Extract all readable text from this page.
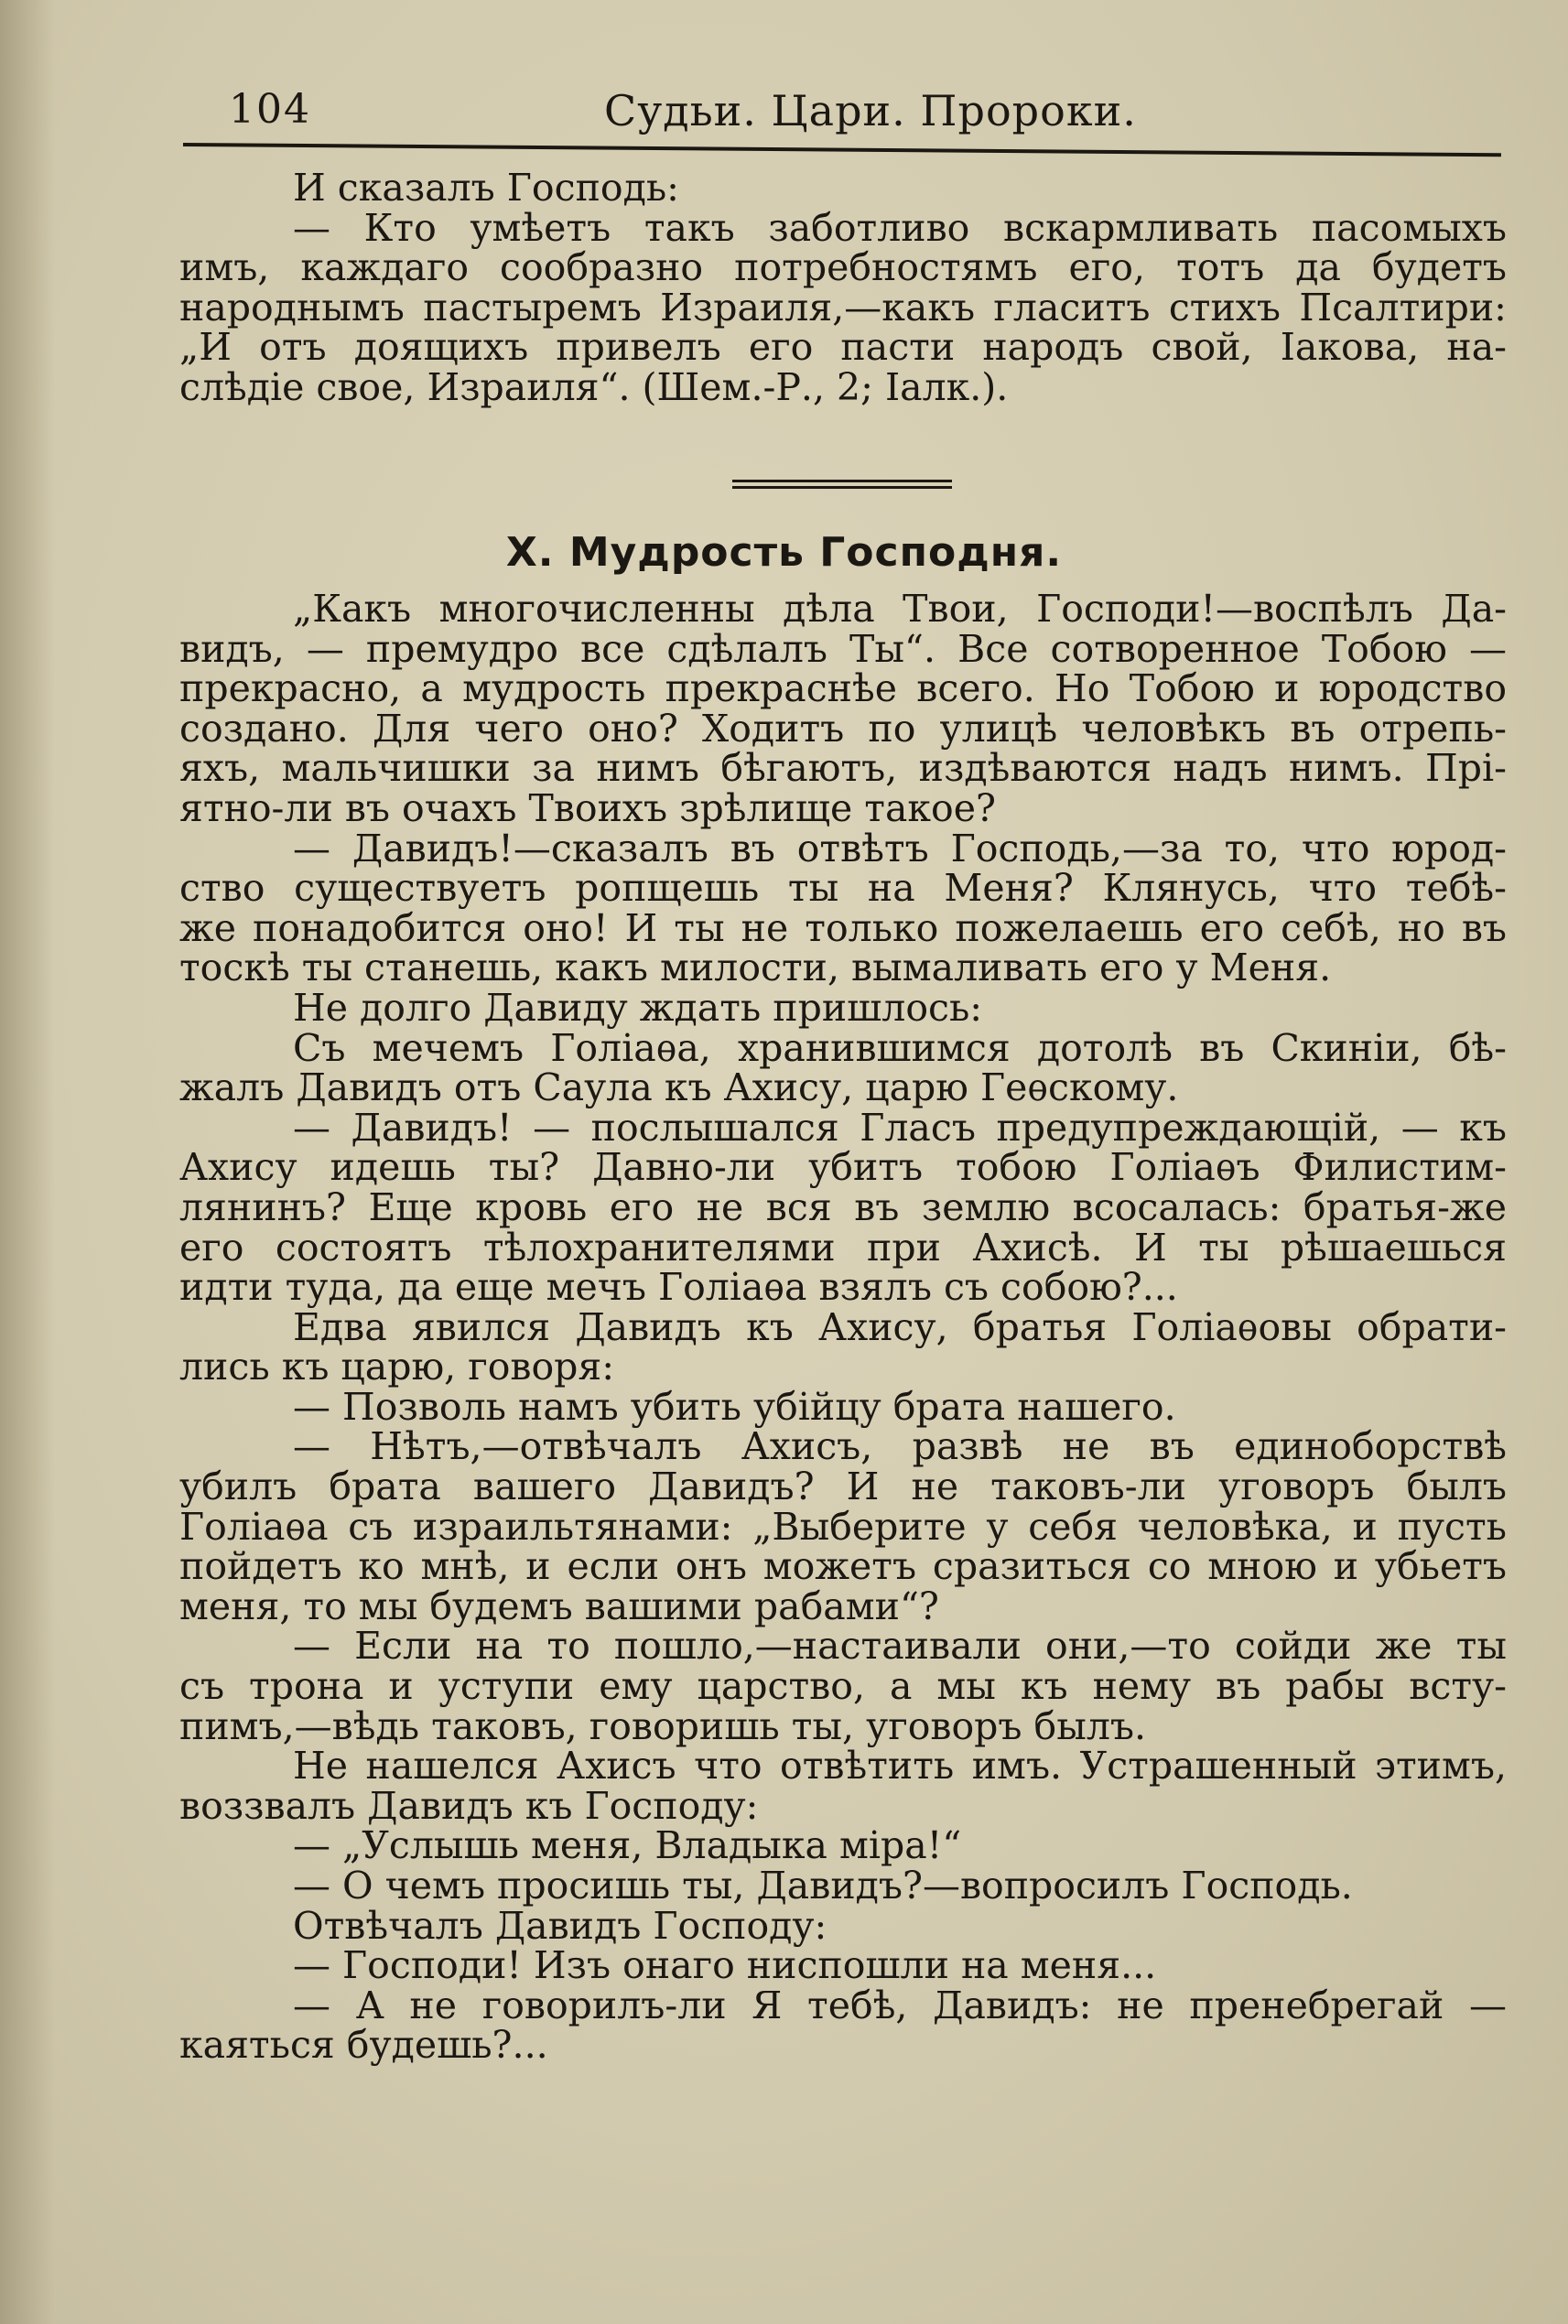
104	Судьи. Цари. Пророки.
И сказалъ Господь:
— Кто умѣетъ такъ заботливо вскармливать пасомыхъ
имъ, каждаго сообразно потребностямъ его, тотъ да будетъ
народнымъ пастыремъ Израиля,—какъ гласитъ стихъ Псалтири:
„И отъ доящихъ привелъ его пасти народъ свой, Іакова, на-
слѣдіе свое, Израиля“. (Шем.-Р., 2; Іалк.).
X. Мудрость Господня.
„Какъ многочисленны дѣла Твои, Господи!—воспѣлъ Да-
видъ, — премудро все сдѣлалъ Ты“. Все сотворенное Тобою —
прекрасно, а мудрость прекраснѣе всего. Но Тобою и юродство
создано. Для чего оно? Ходитъ по улицѣ человѣкъ въ отрепь-
яхъ, мальчишки за нимъ бѣгаютъ, издѣваются надъ нимъ. Прі-
ятно-ли въ очахъ Твоихъ зрѣлище такое?
— Давидъ!—сказалъ въ отвѣтъ Господь,—за то, что юрод-
ство существуетъ ропщешь ты на Меня? Клянусь, что тебѣ-
же понадобится оно! И ты не только пожелаешь его себѣ, но въ
тоскѣ ты станешь, какъ милости, вымаливать его у Меня.
Не долго Давиду ждать пришлось:
Съ мечемъ Голіаѳа, хранившимся дотолѣ въ Скиніи, бѣ-
жалъ Давидъ отъ Саула къ Ахису, царю Геѳскому.
— Давидъ! — послышался Гласъ предупреждающій, — къ
Ахису идешь ты? Давно-ли убитъ тобою Голіаѳъ Филистим-
лянинъ? Еще кровь его не вся въ землю всосалась: братья-же
его состоятъ тѣлохранителями при Ахисѣ. И ты рѣшаешься
идти туда, да еще мечъ Голіаѳа взялъ съ собою?...
Едва явился Давидъ къ Ахису, братья Голіаѳовы обрати-
лись къ царю, говоря:
— Позволь намъ убить убійцу брата нашего.
— Нѣтъ,—отвѣчалъ Ахисъ, развѣ не въ единоборствѣ
убилъ брата вашего Давидъ? И не таковъ-ли уговоръ былъ
Голіаѳа съ израильтянами: „Выберите у себя человѣка, и пусть
пойдетъ ко мнѣ, и если онъ можетъ сразиться со мною и убьетъ
меня, то мы будемъ вашими рабами“?
— Если на то пошло,—настаивали они,—то сойди же ты
съ трона и уступи ему царство, а мы къ нему въ рабы всту-
пимъ,—вѣдь таковъ, говоришь ты, уговоръ былъ.
Не нашелся Ахисъ что отвѣтить имъ. Устрашенный этимъ,
воззвалъ Давидъ къ Господу:
— „Услышь меня, Владыка міра!“
— О чемъ просишь ты, Давидъ?—вопросилъ Господь.
Отвѣчалъ Давидъ Господу:
— Господи! Изъ онаго ниспошли на меня...
— А не говорилъ-ли Я тебѣ, Давидъ: не пренебрегай —
каяться будешь?...
